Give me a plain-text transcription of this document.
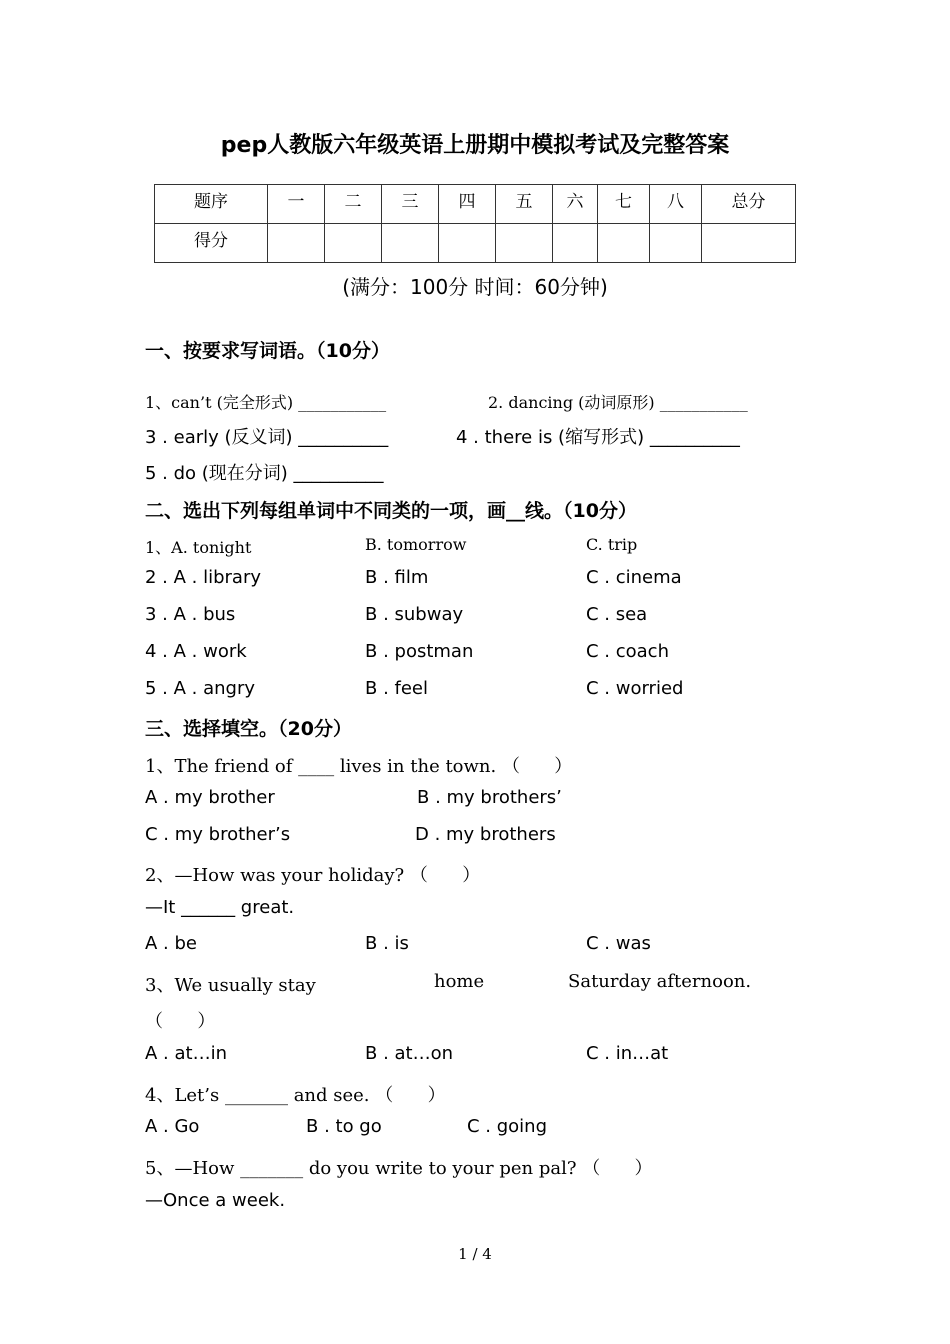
pep人教版六年级英语上册期中模拟考试及完整答案
题序	一	二	三	四	五	六	七	八	总分
得分									
(满分：100分 时间：60分钟)
一、按要求写词语。（10分）
1、can’t (完全形式) ___________	2. dancing (动词原形) ___________
3 . early (反义词) __________	4 . there is (缩写形式) __________
5 . do (现在分词) __________
二、选出下列每组单词中不同类的一项，画__线。（10分）
1、A. tonight	B. tomorrow	C. trip
2 . A . library	B . film	C . cinema
3 . A . bus	B . subway	C . sea
4 . A . work	B . postman	C . coach
5 . A . angry	B . feel	C . worried
三、选择填空。（20分）
1、The friend of ____ lives in the town. （      ）
A . my brother	B . my brothers’
C . my brother’s	D . my brothers
2、—How was your holiday? （      ）
—It ______ great.
A . be	B . is	C . was
3、We usually stay	home	Saturday afternoon.
（      ）
A . at…in	B . at…on	C . in…at
4、Let’s _______ and see. （      ）
A . Go	B . to go	C . going
5、—How _______ do you write to your pen pal? （      ）
—Once a week.
1 / 4
